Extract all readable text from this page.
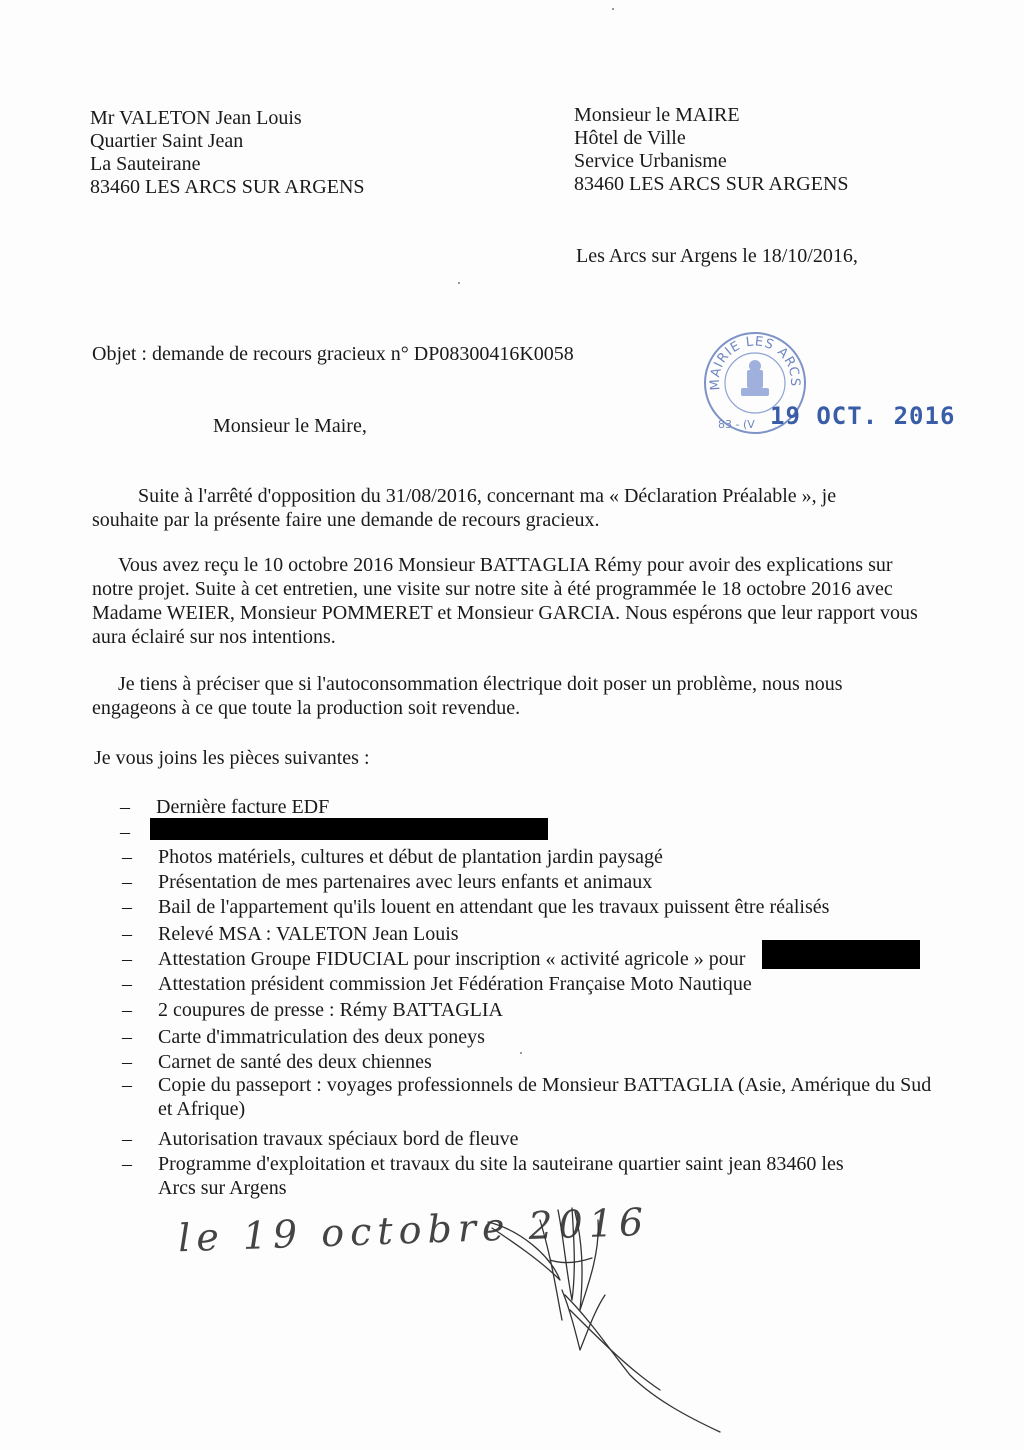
Mr VALETON Jean Louis
Quartier Saint Jean
La Sauteirane
83460 LES ARCS SUR ARGENS
Monsieur le MAIRE
Hôtel de Ville
Service Urbanisme
83460 LES ARCS SUR ARGENS
Les Arcs sur Argens le 18/10/2016,
Objet : demande de recours gracieux n° DP08300416K0058
MAIRIE LES ARCS
83 - (V 19 OCT. 2016
Monsieur le Maire,
Suite à l'arrêté d'opposition du 31/08/2016, concernant ma « Déclaration Préalable », je souhaite par la présente faire une demande de recours gracieux.
Vous avez reçu le 10 octobre 2016 Monsieur BATTAGLIA Rémy pour avoir des explications sur notre projet. Suite à cet entretien, une visite sur notre site à été programmée le 18 octobre 2016 avec Madame WEIER, Monsieur POMMERET et Monsieur GARCIA. Nous espérons que leur rapport vous aura éclairé sur nos intentions.
Je tiens à préciser que si l'autoconsommation électrique doit poser un problème, nous nous engageons à ce que toute la production soit revendue.
Je vous joins les pièces suivantes :
– Dernière facture EDF
–
– Photos matériels, cultures et début de plantation jardin paysagé
– Présentation de mes partenaires avec leurs enfants et animaux
– Bail de l'appartement qu'ils louent en attendant que les travaux puissent être réalisés
– Relevé MSA : VALETON Jean Louis
– Attestation Groupe FIDUCIAL pour inscription « activité agricole » pour
– Attestation président commission Jet Fédération Française Moto Nautique
– 2 coupures de presse : Rémy BATTAGLIA
– Carte d'immatriculation des deux poneys
– Carnet de santé des deux chiennes
– Copie du passeport : voyages professionnels de Monsieur BATTAGLIA (Asie, Amérique du Sud et Afrique)
– Autorisation travaux spéciaux bord de fleuve
– Programme d'exploitation et travaux du site la sauteirane quartier saint jean 83460 les Arcs sur Argens
le 19 octobre 2016
